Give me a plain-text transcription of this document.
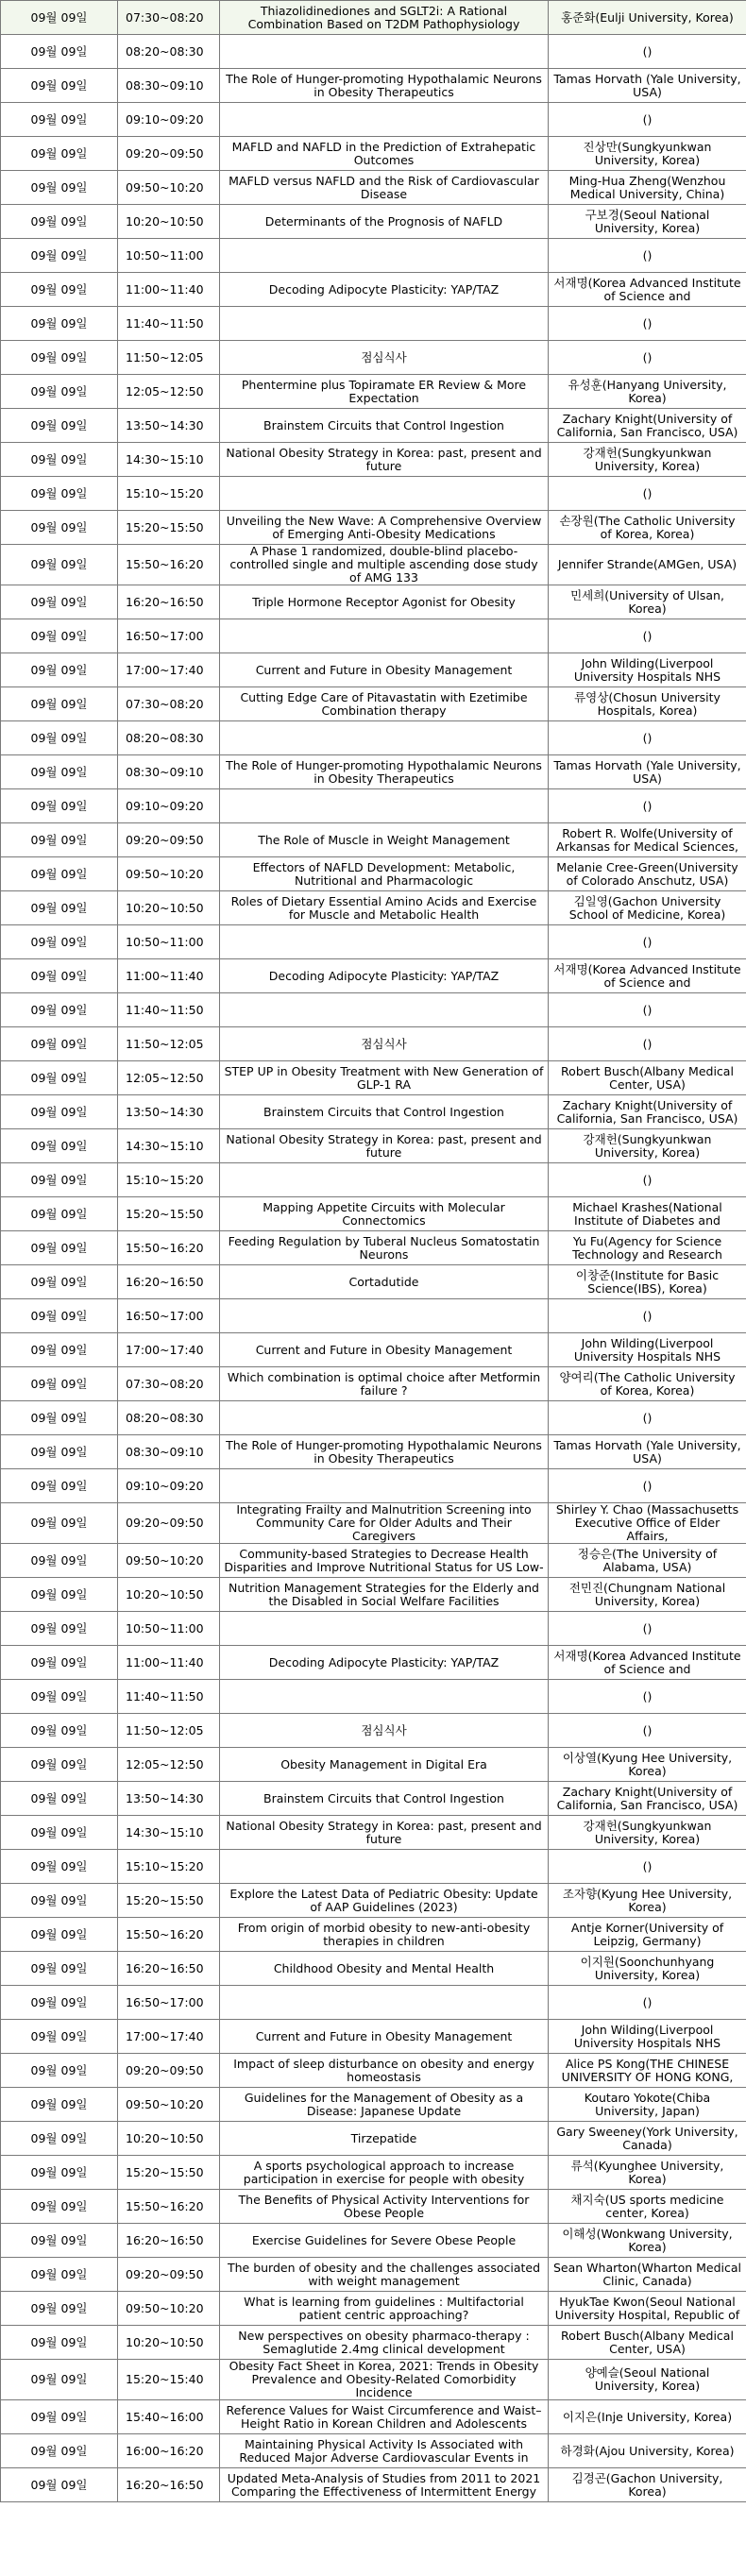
09월 09일	07:30~08:20	Thiazolidinediones and SGLT2i: A Rational Combination Based on T2DM Pathophysiology	홍준화(Eulji University, Korea)
09월 09일	08:20~08:30		()
09월 09일	08:30~09:10	The Role of Hunger-promoting Hypothalamic Neurons in Obesity Therapeutics	Tamas Horvath (Yale University, USA)
09월 09일	09:10~09:20		()
09월 09일	09:20~09:50	MAFLD and NAFLD in the Prediction of Extrahepatic Outcomes	진상만(Sungkyunkwan University, Korea)
09월 09일	09:50~10:20	MAFLD versus NAFLD and the Risk of Cardiovascular Disease	Ming-Hua Zheng(Wenzhou Medical University, China)
09월 09일	10:20~10:50	Determinants of the Prognosis of NAFLD	구보경(Seoul National University, Korea)
09월 09일	10:50~11:00		()
09월 09일	11:00~11:40	Decoding Adipocyte Plasticity: YAP/TAZ	서재명(Korea Advanced Institute of Science and
09월 09일	11:40~11:50		()
09월 09일	11:50~12:05	점심식사	()
09월 09일	12:05~12:50	Phentermine plus Topiramate ER Review & More Expectation	유성훈(Hanyang University, Korea)
09월 09일	13:50~14:30	Brainstem Circuits that Control Ingestion	Zachary Knight(University of California, San Francisco, USA)
09월 09일	14:30~15:10	National Obesity Strategy in Korea: past, present and future	강재헌(Sungkyunkwan University, Korea)
09월 09일	15:10~15:20		()
09월 09일	15:20~15:50	Unveiling the New Wave: A Comprehensive Overview of Emerging Anti-Obesity Medications	손장원(The Catholic University of Korea, Korea)
09월 09일	15:50~16:20	A Phase 1 randomized, double-blind placebo-controlled single and multiple ascending dose study of AMG 133	Jennifer Strande(AMGen, USA)
09월 09일	16:20~16:50	Triple Hormone Receptor Agonist for Obesity	민세희(University of Ulsan, Korea)
09월 09일	16:50~17:00		()
09월 09일	17:00~17:40	Current and Future in Obesity Management	John Wilding(Liverpool University Hospitals NHS
09월 09일	07:30~08:20	Cutting Edge Care of Pitavastatin with Ezetimibe Combination therapy	류영상(Chosun University Hospitals, Korea)
09월 09일	08:20~08:30		()
09월 09일	08:30~09:10	The Role of Hunger-promoting Hypothalamic Neurons in Obesity Therapeutics	Tamas Horvath (Yale University, USA)
09월 09일	09:10~09:20		()
09월 09일	09:20~09:50	The Role of Muscle in Weight Management	Robert R. Wolfe(University of Arkansas for Medical Sciences,
09월 09일	09:50~10:20	Effectors of NAFLD Development: Metabolic, Nutritional and Pharmacologic	Melanie Cree-Green(University of Colorado Anschutz, USA)
09월 09일	10:20~10:50	Roles of Dietary Essential Amino Acids and Exercise for Muscle and Metabolic Health	김일영(Gachon University School of Medicine, Korea)
09월 09일	10:50~11:00		()
09월 09일	11:00~11:40	Decoding Adipocyte Plasticity: YAP/TAZ	서재명(Korea Advanced Institute of Science and
09월 09일	11:40~11:50		()
09월 09일	11:50~12:05	점심식사	()
09월 09일	12:05~12:50	STEP UP in Obesity Treatment with New Generation of GLP-1 RA	Robert Busch(Albany Medical Center, USA)
09월 09일	13:50~14:30	Brainstem Circuits that Control Ingestion	Zachary Knight(University of California, San Francisco, USA)
09월 09일	14:30~15:10	National Obesity Strategy in Korea: past, present and future	강재헌(Sungkyunkwan University, Korea)
09월 09일	15:10~15:20		()
09월 09일	15:20~15:50	Mapping Appetite Circuits with Molecular Connectomics	Michael Krashes(National Institute of Diabetes and
09월 09일	15:50~16:20	Feeding Regulation by Tuberal Nucleus Somatostatin Neurons	Yu Fu(Agency for Science Technology and Research
09월 09일	16:20~16:50	Cortadutide	이창준(Institute for Basic Science(IBS), Korea)
09월 09일	16:50~17:00		()
09월 09일	17:00~17:40	Current and Future in Obesity Management	John Wilding(Liverpool University Hospitals NHS
09월 09일	07:30~08:20	Which combination is optimal choice after Metformin failure ?	양여리(The Catholic University of Korea, Korea)
09월 09일	08:20~08:30		()
09월 09일	08:30~09:10	The Role of Hunger-promoting Hypothalamic Neurons in Obesity Therapeutics	Tamas Horvath (Yale University, USA)
09월 09일	09:10~09:20		()
09월 09일	09:20~09:50	Integrating Frailty and Malnutrition Screening into Community Care for Older Adults and Their Caregivers	Shirley Y. Chao (Massachusetts Executive Office of Elder Affairs,
09월 09일	09:50~10:20	Community-based Strategies to Decrease Health Disparities and Improve Nutritional Status for US Low-	정승은(The University of Alabama, USA)
09월 09일	10:20~10:50	Nutrition Management Strategies for the Elderly and the Disabled in Social Welfare Facilities	전민진(Chungnam National University, Korea)
09월 09일	10:50~11:00		()
09월 09일	11:00~11:40	Decoding Adipocyte Plasticity: YAP/TAZ	서재명(Korea Advanced Institute of Science and
09월 09일	11:40~11:50		()
09월 09일	11:50~12:05	점심식사	()
09월 09일	12:05~12:50	Obesity Management in Digital Era	이상열(Kyung Hee University, Korea)
09월 09일	13:50~14:30	Brainstem Circuits that Control Ingestion	Zachary Knight(University of California, San Francisco, USA)
09월 09일	14:30~15:10	National Obesity Strategy in Korea: past, present and future	강재헌(Sungkyunkwan University, Korea)
09월 09일	15:10~15:20		()
09월 09일	15:20~15:50	Explore the Latest Data of Pediatric Obesity: Update of AAP Guidelines (2023)	조자향(Kyung Hee University, Korea)
09월 09일	15:50~16:20	From origin of morbid obesity to new-anti-obesity therapies in children	Antje Korner(University of Leipzig, Germany)
09월 09일	16:20~16:50	Childhood Obesity and Mental Health	이지원(Soonchunhyang University, Korea)
09월 09일	16:50~17:00		()
09월 09일	17:00~17:40	Current and Future in Obesity Management	John Wilding(Liverpool University Hospitals NHS
09월 09일	09:20~09:50	Impact of sleep disturbance on obesity and energy homeostasis	Alice PS Kong(THE CHINESE UNIVERSITY OF HONG KONG,
09월 09일	09:50~10:20	Guidelines for the Management of Obesity as a Disease: Japanese Update	Koutaro Yokote(Chiba University, Japan)
09월 09일	10:20~10:50	Tirzepatide	Gary Sweeney(York University, Canada)
09월 09일	15:20~15:50	A sports psychological approach to increase participation in exercise for people with obesity	류석(Kyunghee University, Korea)
09월 09일	15:50~16:20	The Benefits of Physical Activity Interventions for Obese People	채지숙(US sports medicine center, Korea)
09월 09일	16:20~16:50	Exercise Guidelines for Severe Obese People	이해성(Wonkwang University, Korea)
09월 09일	09:20~09:50	The burden of obesity and the challenges associated with weight management	Sean Wharton(Wharton Medical Clinic, Canada)
09월 09일	09:50~10:20	What is learning from guidelines : Multifactorial patient centric approaching?	HyukTae Kwon(Seoul National University Hospital, Republic of
09월 09일	10:20~10:50	New perspectives on obesity pharmaco-therapy : Semaglutide 2.4mg clinical development	Robert Busch(Albany Medical Center, USA)
09월 09일	15:20~15:40	Obesity Fact Sheet in Korea, 2021: Trends in Obesity Prevalence and Obesity-Related Comorbidity Incidence	양예슬(Seoul National University, Korea)
09월 09일	15:40~16:00	Reference Values for Waist Circumference and Waist–Height Ratio in Korean Children and Adolescents	이지은(Inje University, Korea)
09월 09일	16:00~16:20	Maintaining Physical Activity Is Associated with Reduced Major Adverse Cardiovascular Events in	하경화(Ajou University, Korea)
09월 09일	16:20~16:50	Updated Meta-Analysis of Studies from 2011 to 2021 Comparing the Effectiveness of Intermittent Energy	김경곤(Gachon University, Korea)
